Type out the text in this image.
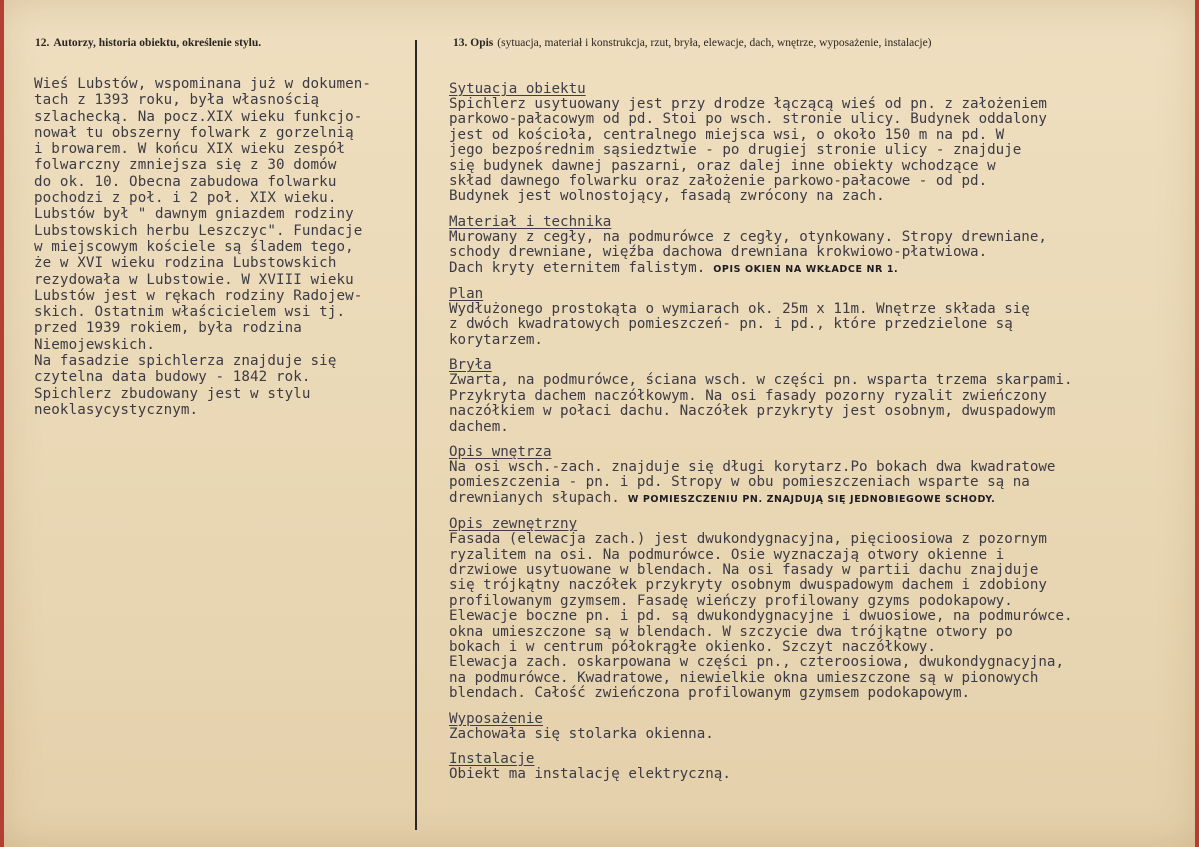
12. Autorzy, historia obiektu, określenie stylu.	13. Opis (sytuacja, materiał i konstrukcja, rzut, bryła, elewacje, dach, wnętrze, wyposażenie, instalacje)
Wieś Lubstów, wspominana już w dokumen-
tach z 1393 roku, była własnością
szlachecką. Na pocz.XIX wieku funkcjo-
nował tu obszerny folwark z gorzelnią
i browarem. W końcu XIX wieku zespół
folwarczny zmniejsza się z 30 domów
do ok. 10. Obecna zabudowa folwarku
pochodzi z poł. i 2 poł. XIX wieku.
Lubstów był " dawnym gniazdem rodziny
Lubstowskich herbu Leszczyc". Fundacje
w miejscowym kościele są śladem tego,
że w XVI wieku rodzina Lubstowskich
rezydowała w Lubstowie. W XVIII wieku
Lubstów jest w rękach rodziny Radojew-
skich. Ostatnim właścicielem wsi tj.
przed 1939 rokiem, była rodzina
Niemojewskich.
Na fasadzie spichlerza znajduje się
czytelna data budowy - 1842 rok.
Spichlerz zbudowany jest w stylu
neoklasycystycznym.
Sytuacja obiektu
Spichlerz usytuowany jest przy drodze łączącą wieś od pn. z założeniem
parkowo-pałacowym od pd. Stoi po wsch. stronie ulicy. Budynek oddalony
jest od kościoła, centralnego miejsca wsi, o około 150 m na pd. W
jego bezpośrednim sąsiedztwie - po drugiej stronie ulicy - znajduje
się budynek dawnej paszarni, oraz dalej inne obiekty wchodzące w
skład dawnego folwarku oraz założenie parkowo-pałacowe - od pd.
Budynek jest wolnostojący, fasadą zwrócony na zach.
Materiał i technika
Murowany z cegły, na podmurówce z cegły, otynkowany. Stropy drewniane,
schody drewniane, więźba dachowa drewniana krokwiowo-płatwiowa.
Dach kryty eternitem falistym. OPIS OKIEN NA WKŁADCE NR 1.
Plan
Wydłużonego prostokąta o wymiarach ok. 25m x 11m. Wnętrze składa się
z dwóch kwadratowych pomieszczeń- pn. i pd., które przedzielone są
korytarzem.
Bryła
Zwarta, na podmurówce, ściana wsch. w części pn. wsparta trzema skarpami.
Przykryta dachem naczółkowym. Na osi fasady pozorny ryzalit zwieńczony
naczółkiem w połaci dachu. Naczółek przykryty jest osobnym, dwuspadowym
dachem.
Opis wnętrza
Na osi wsch.-zach. znajduje się długi korytarz.Po bokach dwa kwadratowe
pomieszczenia - pn. i pd. Stropy w obu pomieszczeniach wsparte są na
drewnianych słupach. W POMIESZCZENIU PN. ZNAJDUJĄ SIĘ JEDNOBIEGOWE SCHODY.
Opis zewnętrzny
Fasada (elewacja zach.) jest dwukondygnacyjna, pięcioosiowa z pozornym
ryzalitem na osi. Na podmurówce. Osie wyznaczają otwory okienne i
drzwiowe usytuowane w blendach. Na osi fasady w partii dachu znajduje
się trójkątny naczółek przykryty osobnym dwuspadowym dachem i zdobiony
profilowanym gzymsem. Fasadę wieńczy profilowany gzyms podokapowy.
Elewacje boczne pn. i pd. są dwukondygnacyjne i dwuosiowe, na podmurówce.
okna umieszczone są w blendach. W szczycie dwa trójkątne otwory po
bokach i w centrum półokrągłe okienko. Szczyt naczółkowy.
Elewacja zach. oskarpowana w części pn., czteroosiowa, dwukondygnacyjna,
na podmurówce. Kwadratowe, niewielkie okna umieszczone są w pionowych
blendach. Całość zwieńczona profilowanym gzymsem podokapowym.
Wyposażenie
Zachowała się stolarka okienna.
Instalacje
Obiekt ma instalację elektryczną.
